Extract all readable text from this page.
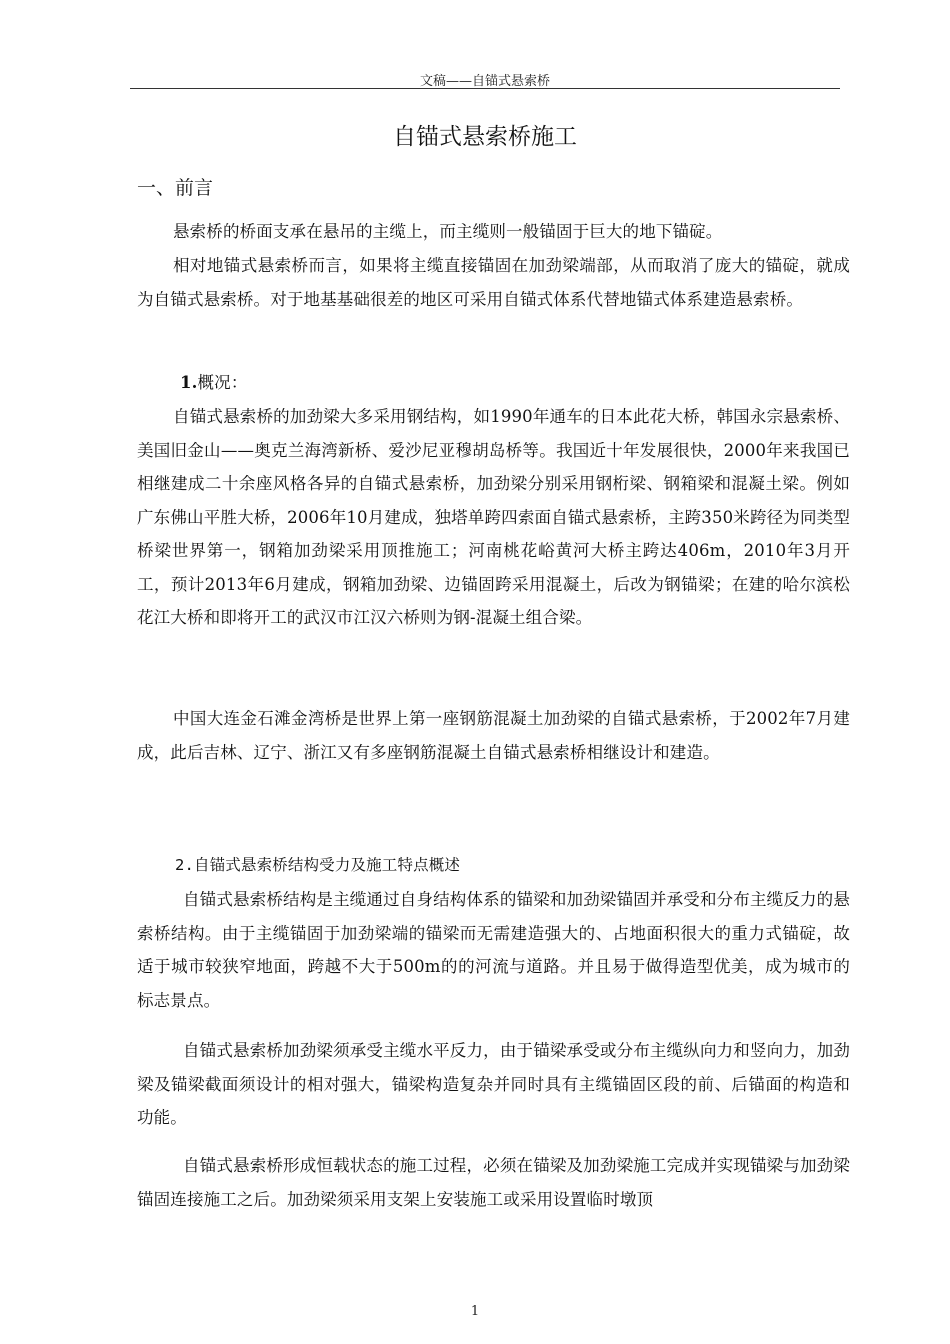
文稿——自锚式悬索桥
自锚式悬索桥施工
一、前言

悬索桥的桥面支承在悬吊的主缆上，而主缆则一般锚固于巨大的地下锚碇。

相对地锚式悬索桥而言，如果将主缆直接锚固在加劲梁端部，从而取消了庞大的锚碇，就成为自锚式悬索桥。对于地基基础很差的地区可采用自锚式体系代替地锚式体系建造悬索桥。

1.概况：

自锚式悬索桥的加劲梁大多采用钢结构，如1990年通车的日本此花大桥，韩国永宗悬索桥、美国旧金山——奥克兰海湾新桥、爱沙尼亚穆胡岛桥等。我国近十年发展很快，2000年来我国已相继建成二十余座风格各异的自锚式悬索桥，加劲梁分别采用钢桁梁、钢箱梁和混凝土梁。例如广东佛山平胜大桥，2006年10月建成，独塔单跨四索面自锚式悬索桥，主跨350米跨径为同类型桥梁世界第一，钢箱加劲梁采用顶推施工；河南桃花峪黄河大桥主跨达406m，2010年3月开工，预计2013年6月建成，钢箱加劲梁、边锚固跨采用混凝土，后改为钢锚梁；在建的哈尔滨松花江大桥和即将开工的武汉市江汉六桥则为钢-混凝土组合梁。

中国大连金石滩金湾桥是世界上第一座钢筋混凝土加劲梁的自锚式悬索桥，于2002年7月建成，此后吉林、辽宁、浙江又有多座钢筋混凝土自锚式悬索桥相继设计和建造。

2.自锚式悬索桥结构受力及施工特点概述

自锚式悬索桥结构是主缆通过自身结构体系的锚梁和加劲梁锚固并承受和分布主缆反力的悬索桥结构。由于主缆锚固于加劲梁端的锚梁而无需建造强大的、占地面积很大的重力式锚碇，故适于城市较狭窄地面，跨越不大于500m的的河流与道路。并且易于做得造型优美，成为城市的标志景点。

自锚式悬索桥加劲梁须承受主缆水平反力，由于锚梁承受或分布主缆纵向力和竖向力，加劲梁及锚梁截面须设计的相对强大，锚梁构造复杂并同时具有主缆锚固区段的前、后锚面的构造和功能。

自锚式悬索桥形成恒载状态的施工过程，必须在锚梁及加劲梁施工完成并实现锚梁与加劲梁锚固连接施工之后。加劲梁须采用支架上安装施工或采用设置临时墩顶

1
